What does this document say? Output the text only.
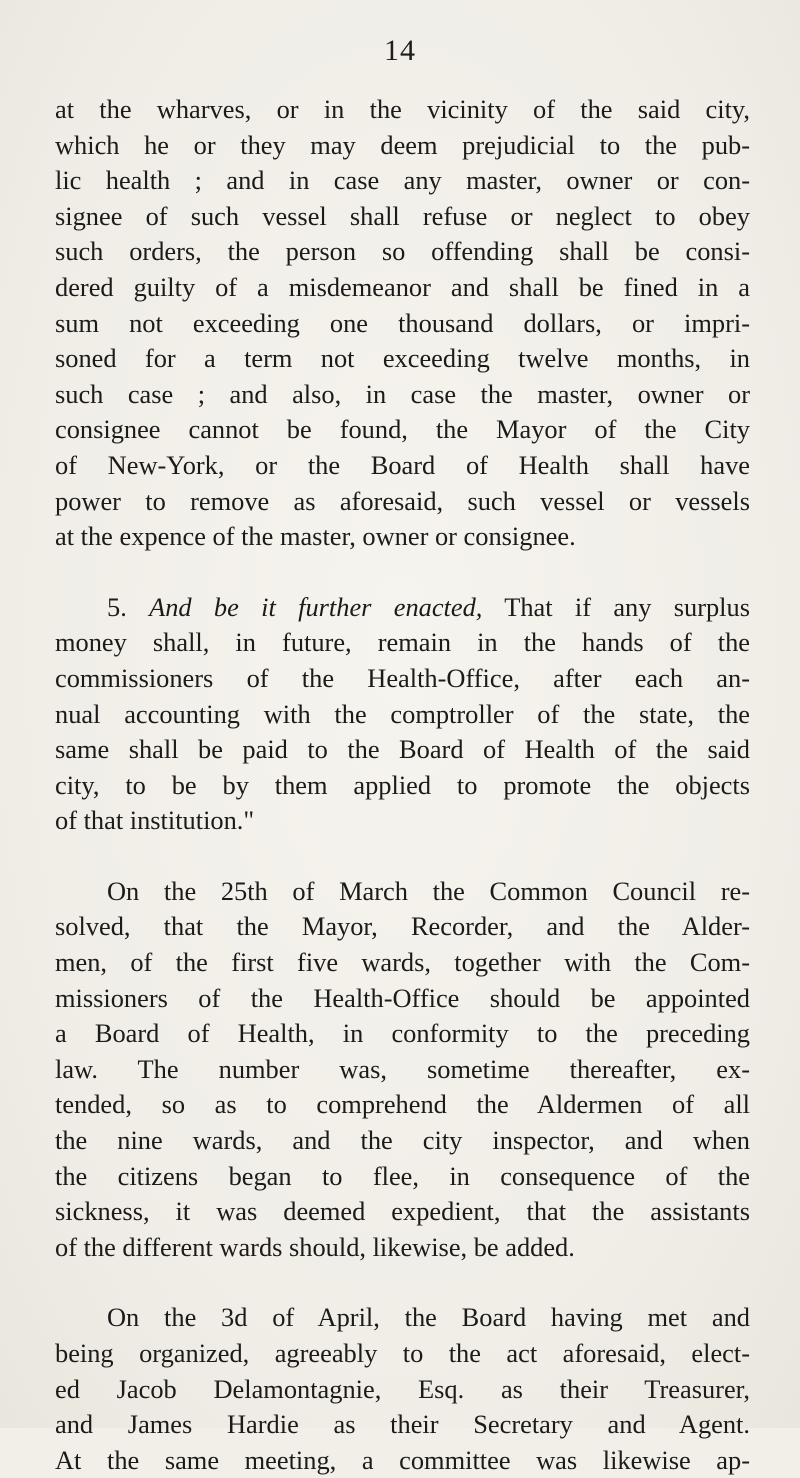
14
at the wharves, or in the vicinity of the said city,
which he or they may deem prejudicial to the pub-
lic health ; and in case any master, owner or con-
signee of such vessel shall refuse or neglect to obey
such orders, the person so offending shall be consi-
dered guilty of a misdemeanor and shall be fined in a
sum not exceeding one thousand dollars, or impri-
soned for a term not exceeding twelve months, in
such case ; and also, in case the master, owner or
consignee cannot be found, the Mayor of the City
of New-York, or the Board of Health shall have
power to remove as aforesaid, such vessel or vessels
at the expence of the master, owner or consignee.
5. And be it further enacted, That if any surplus
money shall, in future, remain in the hands of the
commissioners of the Health-Office, after each an-
nual accounting with the comptroller of the state, the
same shall be paid to the Board of Health of the said
city, to be by them applied to promote the objects
of that institution."
On the 25th of March the Common Council re-
solved, that the Mayor, Recorder, and the Alder-
men, of the first five wards, together with the Com-
missioners of the Health-Office should be appointed
a Board of Health, in conformity to the preceding
law. The number was, sometime thereafter, ex-
tended, so as to comprehend the Aldermen of all
the nine wards, and the city inspector, and when
the citizens began to flee, in consequence of the
sickness, it was deemed expedient, that the assistants
of the different wards should, likewise, be added.
On the 3d of April, the Board having met and
being organized, agreeably to the act aforesaid, elect-
ed Jacob Delamontagnie, Esq. as their Treasurer,
and James Hardie as their Secretary and Agent.
At the same meeting, a committee was likewise ap-
